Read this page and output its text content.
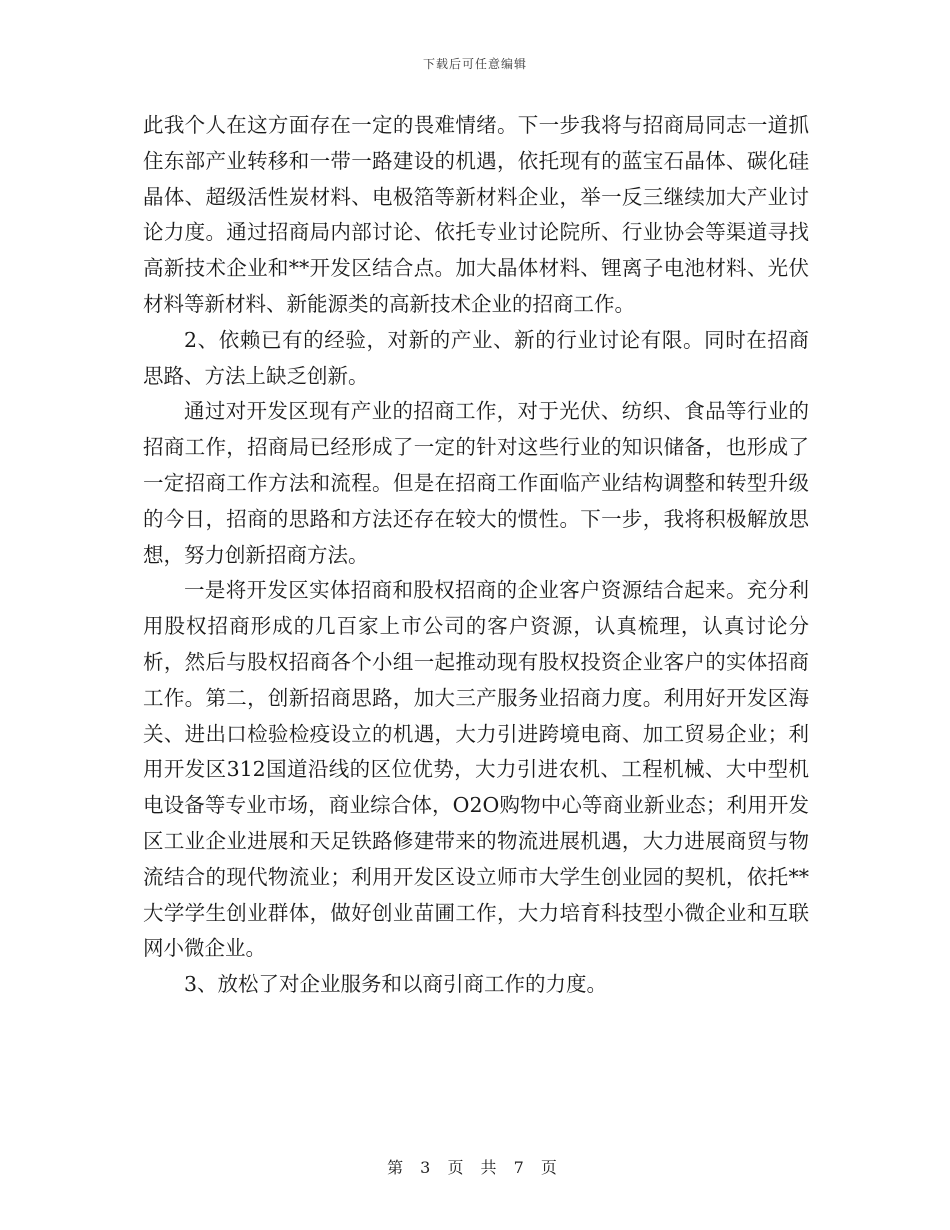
下载后可任意编辑

此我个人在这方面存在一定的畏难情绪。下一步我将与招商局同志一道抓住东部产业转移和一带一路建设的机遇，依托现有的蓝宝石晶体、碳化硅晶体、超级活性炭材料、电极箔等新材料企业，举一反三继续加大产业讨论力度。通过招商局内部讨论、依托专业讨论院所、行业协会等渠道寻找高新技术企业和**开发区结合点。加大晶体材料、锂离子电池材料、光伏材料等新材料、新能源类的高新技术企业的招商工作。

2、依赖已有的经验，对新的产业、新的行业讨论有限。同时在招商思路、方法上缺乏创新。

通过对开发区现有产业的招商工作，对于光伏、纺织、食品等行业的招商工作，招商局已经形成了一定的针对这些行业的知识储备，也形成了一定招商工作方法和流程。但是在招商工作面临产业结构调整和转型升级的今日，招商的思路和方法还存在较大的惯性。下一步，我将积极解放思想，努力创新招商方法。

一是将开发区实体招商和股权招商的企业客户资源结合起来。充分利用股权招商形成的几百家上市公司的客户资源，认真梳理，认真讨论分析，然后与股权招商各个小组一起推动现有股权投资企业客户的实体招商工作。第二，创新招商思路，加大三产服务业招商力度。利用好开发区海关、进出口检验检疫设立的机遇，大力引进跨境电商、加工贸易企业；利用开发区312国道沿线的区位优势，大力引进农机、工程机械、大中型机电设备等专业市场，商业综合体，O2O购物中心等商业新业态；利用开发区工业企业进展和天足铁路修建带来的物流进展机遇，大力进展商贸与物流结合的现代物流业；利用开发区设立师市大学生创业园的契机，依托**大学学生创业群体，做好创业苗圃工作，大力培育科技型小微企业和互联网小微企业。

3、放松了对企业服务和以商引商工作的力度。

第 3 页 共 7 页
